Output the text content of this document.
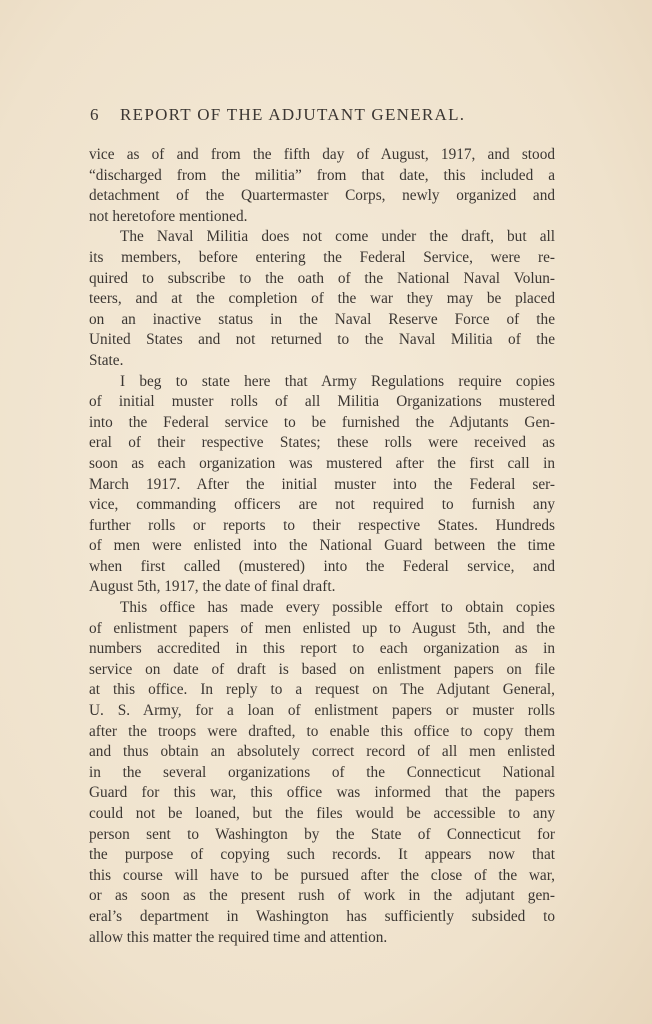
6	REPORT OF THE ADJUTANT GENERAL.
vice as of and from the fifth day of August, 1917, and stood
“discharged from the militia” from that date, this included a
detachment of the Quartermaster Corps, newly organized and
not heretofore mentioned.
The Naval Militia does not come under the draft, but all
its members, before entering the Federal Service, were re-
quired to subscribe to the oath of the National Naval Volun-
teers, and at the completion of the war they may be placed
on an inactive status in the Naval Reserve Force of the
United States and not returned to the Naval Militia of the
State.
I beg to state here that Army Regulations require copies
of initial muster rolls of all Militia Organizations mustered
into the Federal service to be furnished the Adjutants Gen-
eral of their respective States; these rolls were received as
soon as each organization was mustered after the first call in
March 1917. After the initial muster into the Federal ser-
vice, commanding officers are not required to furnish any
further rolls or reports to their respective States. Hundreds
of men were enlisted into the National Guard between the time
when first called (mustered) into the Federal service, and
August 5th, 1917, the date of final draft.
This office has made every possible effort to obtain copies
of enlistment papers of men enlisted up to August 5th, and the
numbers accredited in this report to each organization as in
service on date of draft is based on enlistment papers on file
at this office. In reply to a request on The Adjutant General,
U. S. Army, for a loan of enlistment papers or muster rolls
after the troops were drafted, to enable this office to copy them
and thus obtain an absolutely correct record of all men enlisted
in the several organizations of the Connecticut National
Guard for this war, this office was informed that the papers
could not be loaned, but the files would be accessible to any
person sent to Washington by the State of Connecticut for
the purpose of copying such records. It appears now that
this course will have to be pursued after the close of the war,
or as soon as the present rush of work in the adjutant gen-
eral’s department in Washington has sufficiently subsided to
allow this matter the required time and attention.
